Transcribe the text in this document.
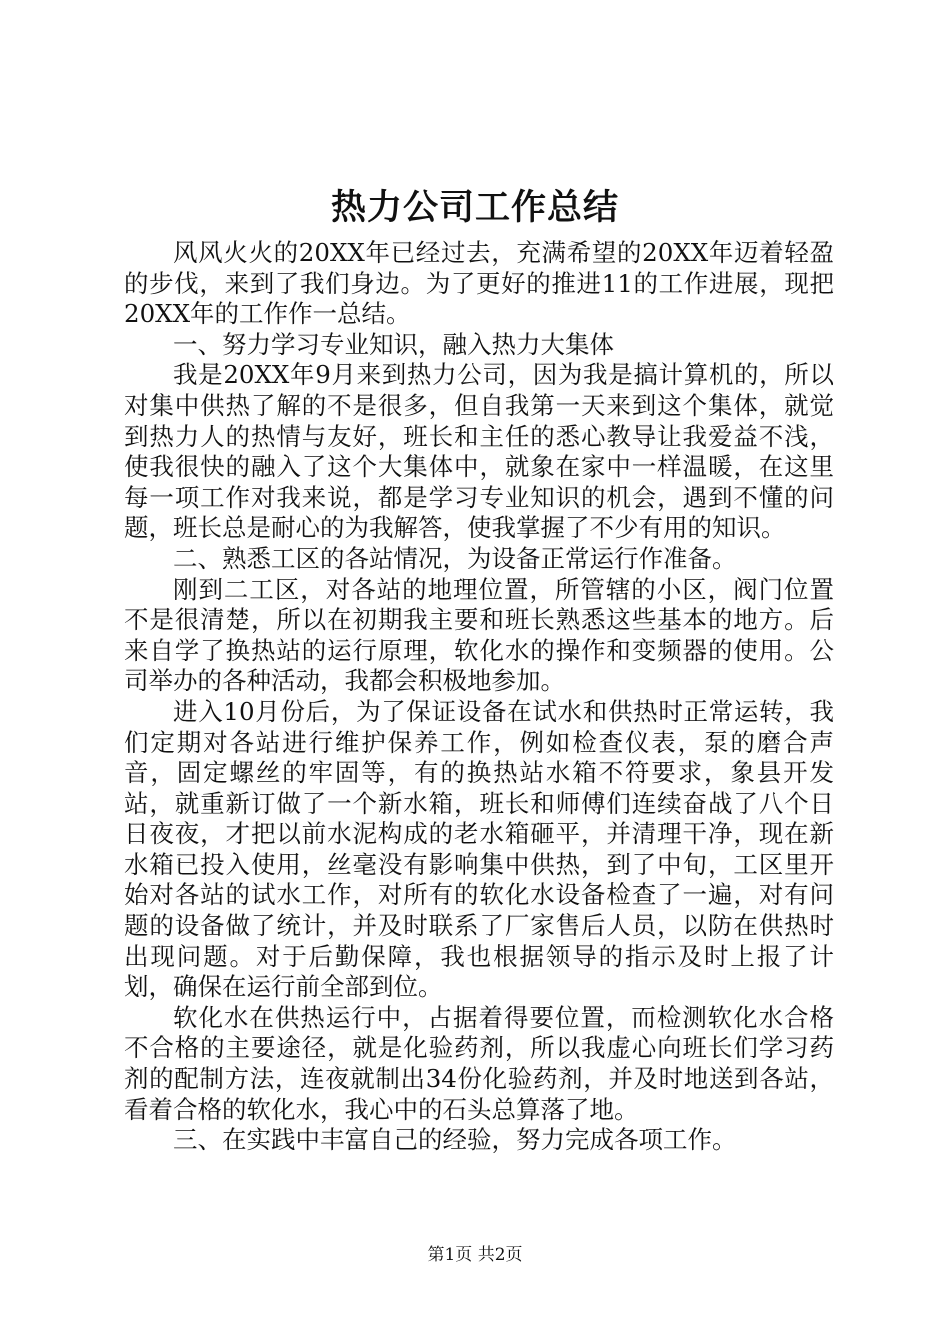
热力公司工作总结

风风火火的20XX年已经过去，充满希望的20XX年迈着轻盈的步伐，来到了我们身边。为了更好的推进11的工作进展，现把20XX年的工作作一总结。

一、努力学习专业知识，融入热力大集体

我是20XX年9月来到热力公司，因为我是搞计算机的，所以对集中供热了解的不是很多，但自我第一天来到这个集体，就觉到热力人的热情与友好，班长和主任的悉心教导让我爱益不浅，使我很快的融入了这个大集体中，就象在家中一样温暖，在这里每一项工作对我来说，都是学习专业知识的机会，遇到不懂的问题，班长总是耐心的为我解答，使我掌握了不少有用的知识。

二、熟悉工区的各站情况，为设备正常运行作准备。

刚到二工区，对各站的地理位置，所管辖的小区，阀门位置不是很清楚，所以在初期我主要和班长熟悉这些基本的地方。后来自学了换热站的运行原理，软化水的操作和变频器的使用。公司举办的各种活动，我都会积极地参加。

进入10月份后，为了保证设备在试水和供热时正常运转，我们定期对各站进行维护保养工作，例如检查仪表，泵的磨合声音，固定螺丝的牢固等，有的换热站水箱不符要求，象县开发站，就重新订做了一个新水箱，班长和师傅们连续奋战了八个日日夜夜，才把以前水泥构成的老水箱砸平，并清理干净，现在新水箱已投入使用，丝毫没有影响集中供热，到了中旬，工区里开始对各站的试水工作，对所有的软化水设备检查了一遍，对有问题的设备做了统计，并及时联系了厂家售后人员，以防在供热时出现问题。对于后勤保障，我也根据领导的指示及时上报了计划，确保在运行前全部到位。

软化水在供热运行中，占据着得要位置，而检测软化水合格不合格的主要途径，就是化验药剂，所以我虚心向班长们学习药剂的配制方法，连夜就制出34份化验药剂，并及时地送到各站，看着合格的软化水，我心中的石头总算落了地。

三、在实践中丰富自己的经验，努力完成各项工作。

第1页 共2页
